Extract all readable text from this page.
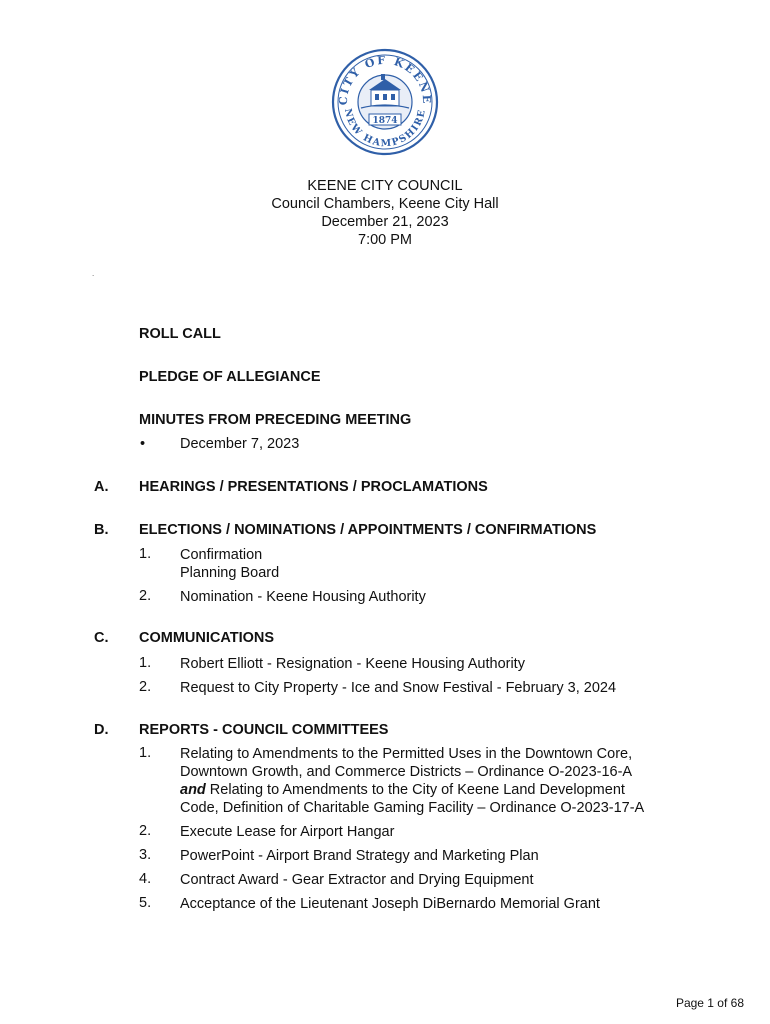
CITY OF KEENE
NEW HAMPSHIRE
1874
KEENE CITY COUNCIL
Council Chambers, Keene City Hall
December 21, 2023
7:00 PM
.
ROLL CALL
PLEDGE OF ALLEGIANCE
MINUTES FROM PRECEDING MEETING
• December 7, 2023
A. HEARINGS / PRESENTATIONS / PROCLAMATIONS
B. ELECTIONS / NOMINATIONS / APPOINTMENTS / CONFIRMATIONS
1. Confirmation
Planning Board
2. Nomination - Keene Housing Authority
C. COMMUNICATIONS
1. Robert Elliott - Resignation - Keene Housing Authority
2. Request to City Property - Ice and Snow Festival - February 3, 2024
D. REPORTS - COUNCIL COMMITTEES
1. Relating to Amendments to the Permitted Uses in the Downtown Core,
Downtown Growth, and Commerce Districts – Ordinance O-2023-16-A
and Relating to Amendments to the City of Keene Land Development
Code, Definition of Charitable Gaming Facility – Ordinance O-2023-17-A
2. Execute Lease for Airport Hangar
3. PowerPoint - Airport Brand Strategy and Marketing Plan
4. Contract Award - Gear Extractor and Drying Equipment
5. Acceptance of the Lieutenant Joseph DiBernardo Memorial Grant
Page 1 of 68
